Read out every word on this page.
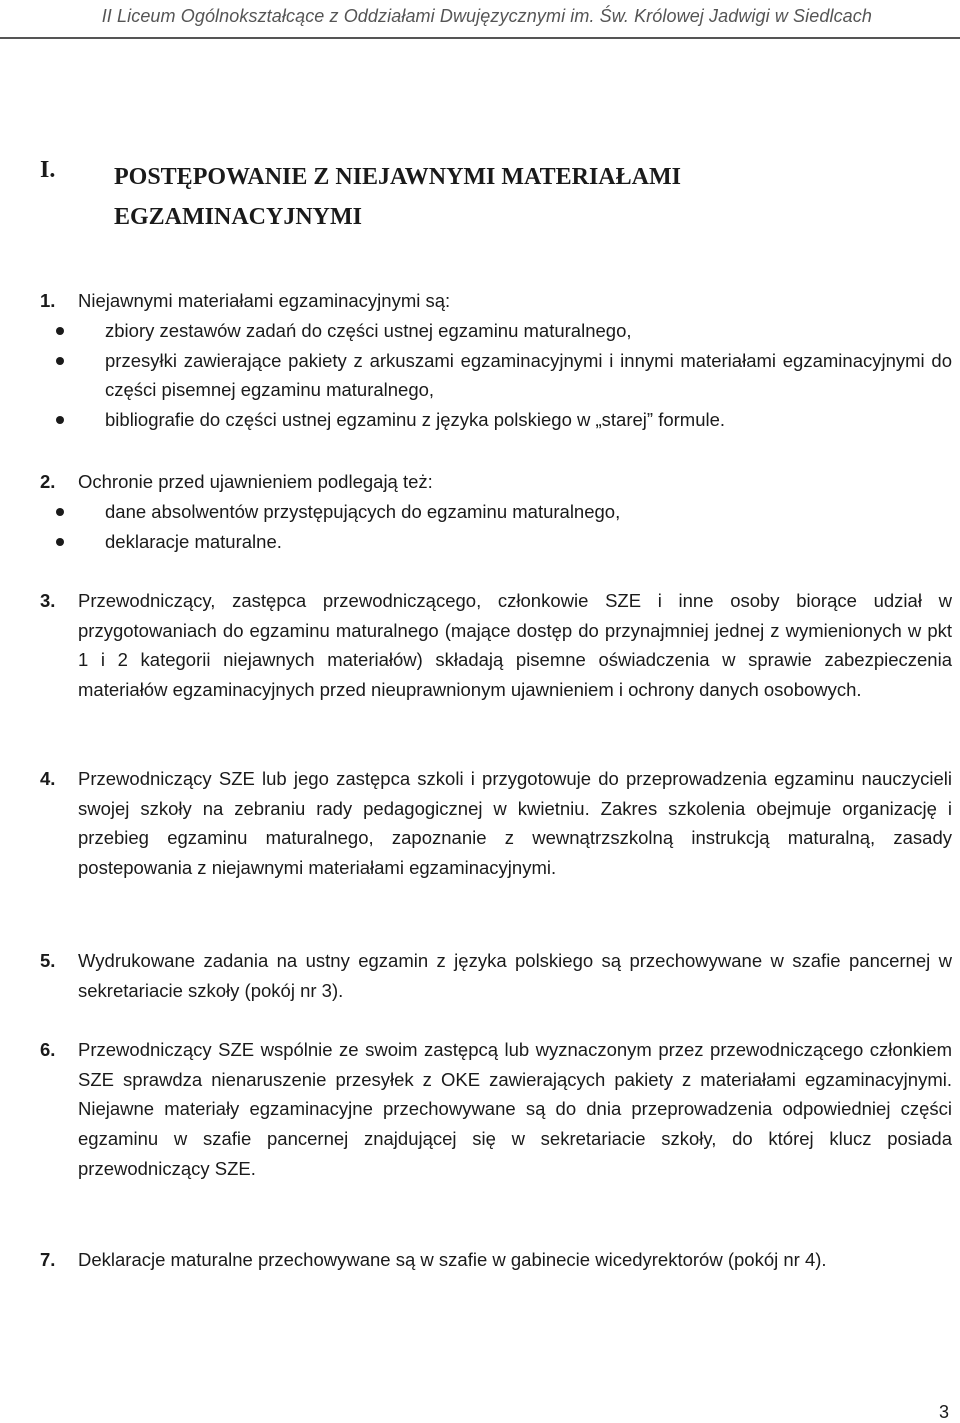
II Liceum Ogólnokształcące z Oddziałami Dwujęzycznymi im. Św. Królowej Jadwigi w Siedlcach
I. POSTĘPOWANIE Z NIEJAWNYMI MATERIAŁAMI EGZAMINACYJNYMI
1. Niejawnymi materiałami egzaminacyjnymi są:
zbiory zestawów zadań do części ustnej egzaminu maturalnego,
przesyłki zawierające pakiety z arkuszami egzaminacyjnymi i innymi materiałami egzaminacyjnymi do części pisemnej egzaminu maturalnego,
bibliografie do części ustnej egzaminu z języka polskiego w „starej” formule.
2. Ochronie przed ujawnieniem podlegają też:
dane absolwentów przystępujących do egzaminu maturalnego,
deklaracje maturalne.
3. Przewodniczący, zastępca przewodniczącego, członkowie SZE i inne osoby biorące udział w przygotowaniach do egzaminu maturalnego (mające dostęp do przynajmniej jednej z wymienionych w pkt 1 i 2 kategorii niejawnych materiałów) składają pisemne oświadczenia w sprawie zabezpieczenia materiałów egzaminacyjnych przed nieuprawnionym ujawnieniem i ochrony danych osobowych.
4. Przewodniczący SZE lub jego zastępca szkoli i przygotowuje do przeprowadzenia egzaminu nauczycieli swojej szkoły na zebraniu rady pedagogicznej w kwietniu. Zakres szkolenia obejmuje organizację i przebieg egzaminu maturalnego, zapoznanie z wewnątrzszkolną instrukcją maturalną, zasady postepowania z niejawnymi materiałami egzaminacyjnymi.
5. Wydrukowane zadania na ustny egzamin z języka polskiego są przechowywane w szafie pancernej w sekretariacie szkoły (pokój nr 3).
6. Przewodniczący SZE wspólnie ze swoim zastępcą lub wyznaczonym przez przewodniczącego członkiem SZE sprawdza nienaruszenie przesyłek z OKE zawierających pakiety z materiałami egzaminacyjnymi. Niejawne materiały egzaminacyjne przechowywane są do dnia przeprowadzenia odpowiedniej części egzaminu w szafie pancernej znajdującej się w sekretariacie szkoły, do której klucz posiada przewodniczący SZE.
7. Deklaracje maturalne przechowywane są w szafie w gabinecie wicedyrektorów (pokój nr 4).
3
